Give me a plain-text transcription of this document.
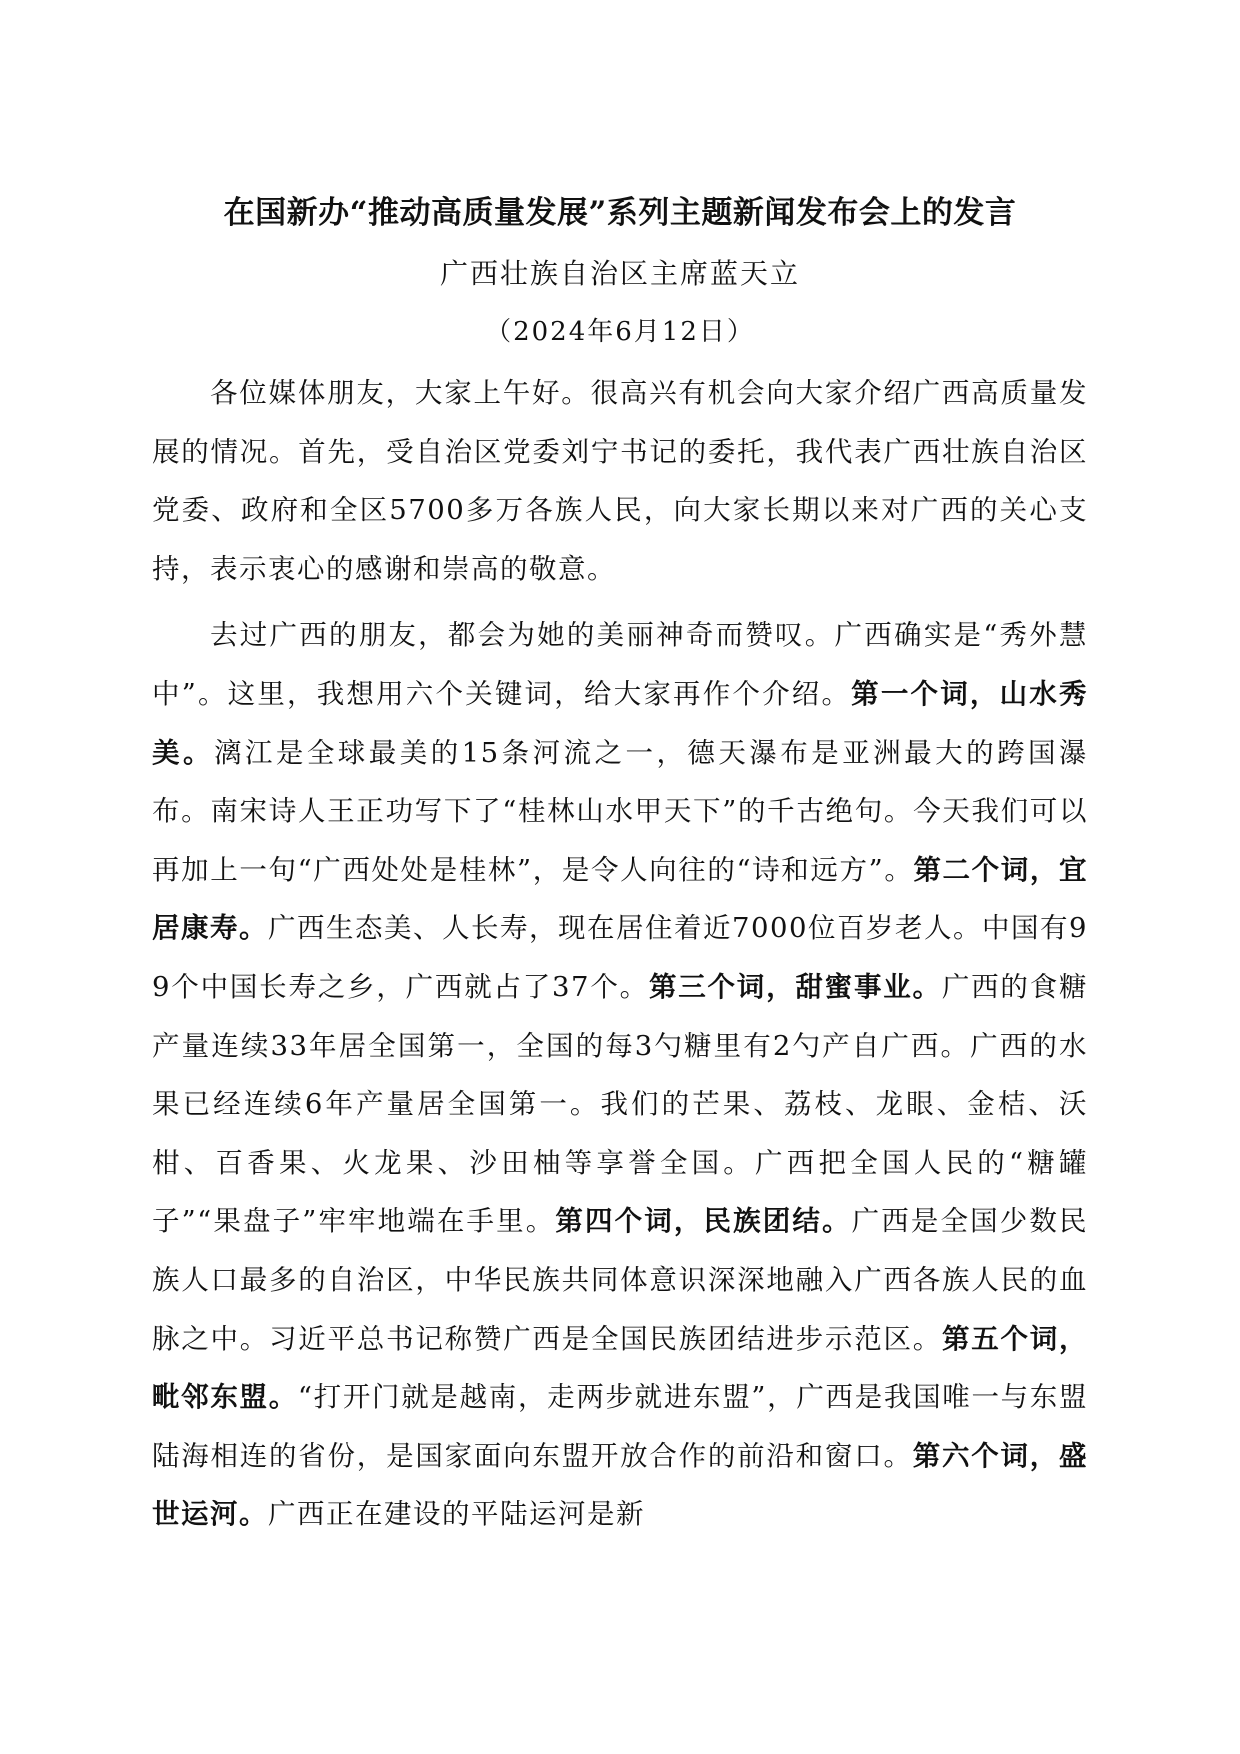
在国新办“推动高质量发展”系列主题新闻发布会上的发言
广西壮族自治区主席蓝天立
（2024年6月12日）

各位媒体朋友，大家上午好。很高兴有机会向大家介绍广西高质量发展的情况。首先，受自治区党委刘宁书记的委托，我代表广西壮族自治区党委、政府和全区5700多万各族人民，向大家长期以来对广西的关心支持，表示衷心的感谢和崇高的敬意。

去过广西的朋友，都会为她的美丽神奇而赞叹。广西确实是“秀外慧中”。这里，我想用六个关键词，给大家再作个介绍。第一个词，山水秀美。漓江是全球最美的15条河流之一，德天瀑布是亚洲最大的跨国瀑布。南宋诗人王正功写下了“桂林山水甲天下”的千古绝句。今天我们可以再加上一句“广西处处是桂林”，是令人向往的“诗和远方”。第二个词，宜居康寿。广西生态美、人长寿，现在居住着近7000位百岁老人。中国有99个中国长寿之乡，广西就占了37个。第三个词，甜蜜事业。广西的食糖产量连续33年居全国第一，全国的每3勺糖里有2勺产自广西。广西的水果已经连续6年产量居全国第一。我们的芒果、荔枝、龙眼、金桔、沃柑、百香果、火龙果、沙田柚等享誉全国。广西把全国人民的“糖罐子”“果盘子”牢牢地端在手里。第四个词，民族团结。广西是全国少数民族人口最多的自治区，中华民族共同体意识深深地融入广西各族人民的血脉之中。习近平总书记称赞广西是全国民族团结进步示范区。第五个词，毗邻东盟。“打开门就是越南，走两步就进东盟”，广西是我国唯一与东盟陆海相连的省份，是国家面向东盟开放合作的前沿和窗口。第六个词，盛世运河。广西正在建设的平陆运河是新
